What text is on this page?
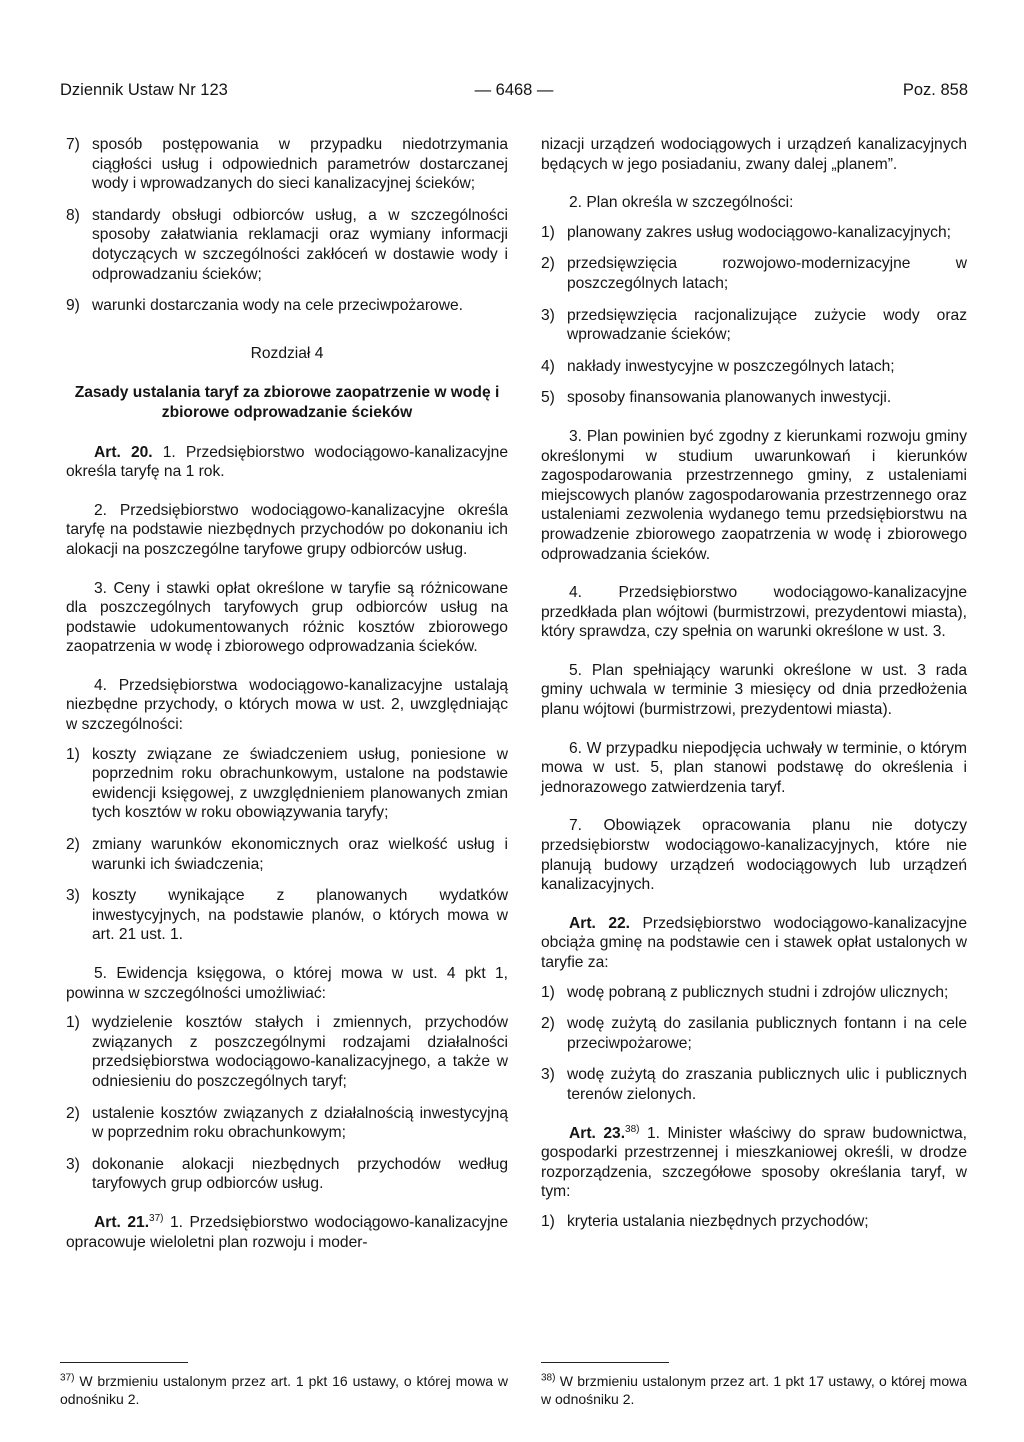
Dziennik Ustaw Nr 123	— 6468 —	Poz. 858
7) sposób postępowania w przypadku niedotrzymania ciągłości usług i odpowiednich parametrów dostarczanej wody i wprowadzanych do sieci kanalizacyjnej ścieków;
8) standardy obsługi odbiorców usług, a w szczególności sposoby załatwiania reklamacji oraz wymiany informacji dotyczących w szczególności zakłóceń w dostawie wody i odprowadzaniu ścieków;
9) warunki dostarczania wody na cele przeciwpożarowe.
Rozdział 4
Zasady ustalania taryf za zbiorowe zaopatrzenie w wodę i zbiorowe odprowadzanie ścieków

Art. 20. 1. Przedsiębiorstwo wodociągowo-kanalizacyjne określa taryfę na 1 rok.

2. Przedsiębiorstwo wodociągowo-kanalizacyjne określa taryfę na podstawie niezbędnych przychodów po dokonaniu ich alokacji na poszczególne taryfowe grupy odbiorców usług.

3. Ceny i stawki opłat określone w taryfie są różnicowane dla poszczególnych taryfowych grup odbiorców usług na podstawie udokumentowanych różnic kosztów zbiorowego zaopatrzenia w wodę i zbiorowego odprowadzania ścieków.

4. Przedsiębiorstwa wodociągowo-kanalizacyjne ustalają niezbędne przychody, o których mowa w ust. 2, uwzględniając w szczególności:

1) koszty związane ze świadczeniem usług, poniesione w poprzednim roku obrachunkowym, ustalone na podstawie ewidencji księgowej, z uwzględnieniem planowanych zmian tych kosztów w roku obowiązywania taryfy;
2) zmiany warunków ekonomicznych oraz wielkość usług i warunki ich świadczenia;
3) koszty wynikające z planowanych wydatków inwestycyjnych, na podstawie planów, o których mowa w art. 21 ust. 1.

5. Ewidencja księgowa, o której mowa w ust. 4 pkt 1, powinna w szczególności umożliwiać:

1) wydzielenie kosztów stałych i zmiennych, przychodów związanych z poszczególnymi rodzajami działalności przedsiębiorstwa wodociągowo-kanalizacyjnego, a także w odniesieniu do poszczególnych taryf;
2) ustalenie kosztów związanych z działalnością inwestycyjną w poprzednim roku obrachunkowym;
3) dokonanie alokacji niezbędnych przychodów według taryfowych grup odbiorców usług.

Art. 21.$^{37)}$ 1. Przedsiębiorstwo wodociągowo-kanalizacyjne opracowuje wieloletni plan rozwoju i moder-

nizacji urządzeń wodociągowych i urządzeń kanalizacyjnych będących w jego posiadaniu, zwany dalej „planem”.

2. Plan określa w szczególności:

1) planowany zakres usług wodociągowo-kanalizacyjnych;
2) przedsięwzięcia rozwojowo-modernizacyjne w poszczególnych latach;
3) przedsięwzięcia racjonalizujące zużycie wody oraz wprowadzanie ścieków;
4) nakłady inwestycyjne w poszczególnych latach;
5) sposoby finansowania planowanych inwestycji.

3. Plan powinien być zgodny z kierunkami rozwoju gminy określonymi w studium uwarunkowań i kierunków zagospodarowania przestrzennego gminy, z ustaleniami miejscowych planów zagospodarowania przestrzennego oraz ustaleniami zezwolenia wydanego temu przedsiębiorstwu na prowadzenie zbiorowego zaopatrzenia w wodę i zbiorowego odprowadzania ścieków.

4. Przedsiębiorstwo wodociągowo-kanalizacyjne przedkłada plan wójtowi (burmistrzowi, prezydentowi miasta), który sprawdza, czy spełnia on warunki określone w ust. 3.

5. Plan spełniający warunki określone w ust. 3 rada gminy uchwala w terminie 3 miesięcy od dnia przedłożenia planu wójtowi (burmistrzowi, prezydentowi miasta).

6. W przypadku niepodjęcia uchwały w terminie, o którym mowa w ust. 5, plan stanowi podstawę do określenia i jednorazowego zatwierdzenia taryf.

7. Obowiązek opracowania planu nie dotyczy przedsiębiorstw wodociągowo-kanalizacyjnych, które nie planują budowy urządzeń wodociągowych lub urządzeń kanalizacyjnych.

Art. 22. Przedsiębiorstwo wodociągowo-kanalizacyjne obciąża gminę na podstawie cen i stawek opłat ustalonych w taryfie za:

1) wodę pobraną z publicznych studni i zdrojów ulicznych;
2) wodę zużytą do zasilania publicznych fontann i na cele przeciwpożarowe;
3) wodę zużytą do zraszania publicznych ulic i publicznych terenów zielonych.

Art. 23.$^{38)}$ 1. Minister właściwy do spraw budownictwa, gospodarki przestrzennej i mieszkaniowej określi, w drodze rozporządzenia, szczegółowe sposoby określania taryf, w tym:

1) kryteria ustalania niezbędnych przychodów;
$^{37)}$ W brzmieniu ustalonym przez art. 1 pkt 16 ustawy, o której mowa w odnośniku 2.
$^{38)}$ W brzmieniu ustalonym przez art. 1 pkt 17 ustawy, o której mowa w odnośniku 2.
